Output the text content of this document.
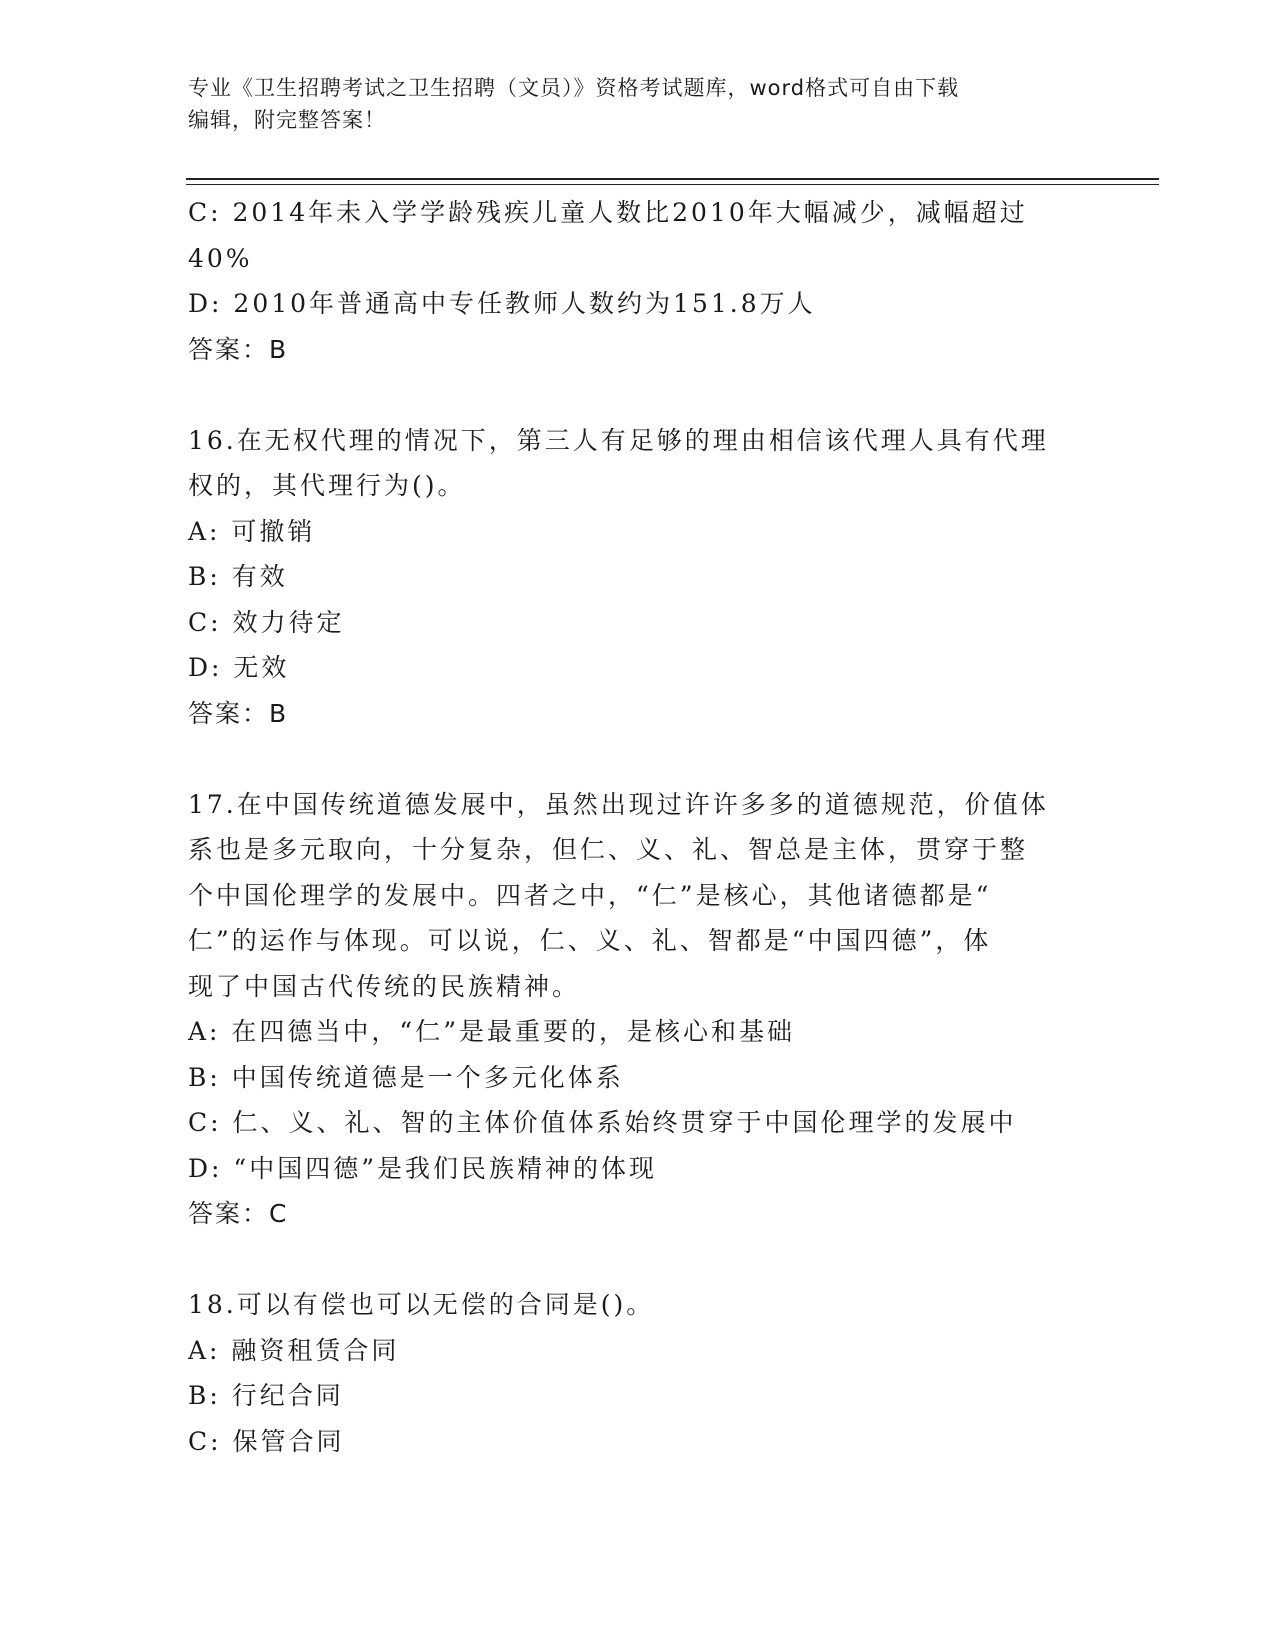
专业《卫生招聘考试之卫生招聘（文员）》资格考试题库，word格式可自由下载
编辑，附完整答案！

C: 2014年未入学学龄残疾儿童人数比2010年大幅减少，减幅超过

40%

D: 2010年普通高中专任教师人数约为151.8万人

答案：B

16.在无权代理的情况下，第三人有足够的理由相信该代理人具有代理

权的，其代理行为()。

A: 可撤销

B: 有效

C: 效力待定

D: 无效

答案：B

17.在中国传统道德发展中，虽然出现过许许多多的道德规范，价值体

系也是多元取向，十分复杂，但仁、义、礼、智总是主体，贯穿于整

个中国伦理学的发展中。四者之中，“仁”是核心，其他诸德都是“

仁”的运作与体现。可以说，仁、义、礼、智都是“中国四德”，体

现了中国古代传统的民族精神。

A: 在四德当中，“仁”是最重要的，是核心和基础

B: 中国传统道德是一个多元化体系

C: 仁、义、礼、智的主体价值体系始终贯穿于中国伦理学的发展中

D: “中国四德”是我们民族精神的体现

答案：C

18.可以有偿也可以无偿的合同是()。

A: 融资租赁合同

B: 行纪合同

C: 保管合同
